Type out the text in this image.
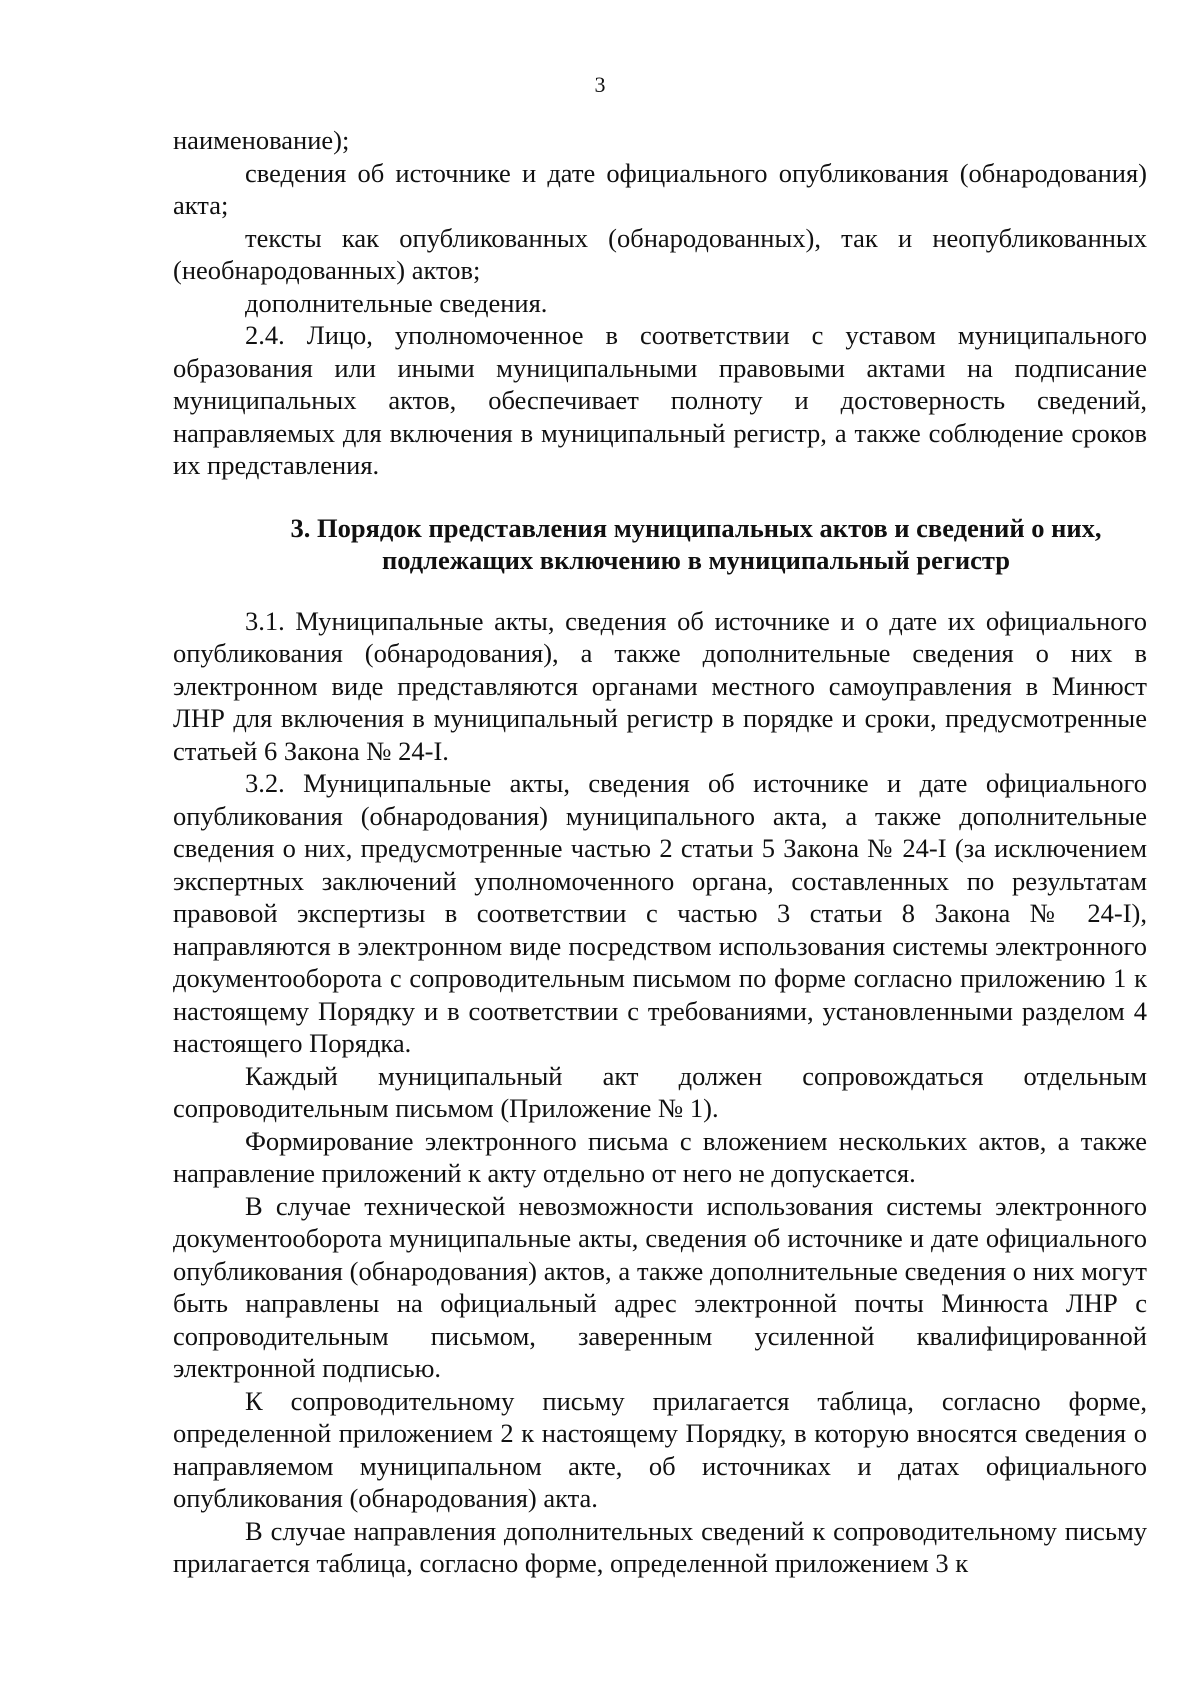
3

наименование);

сведения об источнике и дате официального опубликования (обнародования) акта;

тексты как опубликованных (обнародованных), так и неопубликованных (необнародованных) актов;

дополнительные сведения.

2.4. Лицо, уполномоченное в соответствии с уставом муниципального образования или иными муниципальными правовыми актами на подписание муниципальных актов, обеспечивает полноту и достоверность сведений, направляемых для включения в муниципальный регистр, а также соблюдение сроков их представления.

3. Порядок представления муниципальных актов и сведений о них,
подлежащих включению в муниципальный регистр

3.1. Муниципальные акты, сведения об источнике и о дате их официального опубликования (обнародования), а также дополнительные сведения о них в электронном виде представляются органами местного самоуправления в Минюст ЛНР для включения в муниципальный регистр в порядке и сроки, предусмотренные статьей 6 Закона № 24-I.

3.2. Муниципальные акты, сведения об источнике и дате официального опубликования (обнародования) муниципального акта, а также дополнительные сведения о них, предусмотренные частью 2 статьи 5 Закона № 24-I (за исключением экспертных заключений уполномоченного органа, составленных по результатам правовой экспертизы в соответствии с частью 3 статьи 8 Закона № 24-I), направляются в электронном виде посредством использования системы электронного документооборота с сопроводительным письмом по форме согласно приложению 1 к настоящему Порядку и в соответствии с требованиями, установленными разделом 4 настоящего Порядка.

Каждый муниципальный акт должен сопровождаться отдельным сопроводительным письмом (Приложение № 1).

Формирование электронного письма с вложением нескольких актов, а также направление приложений к акту отдельно от него не допускается.

В случае технической невозможности использования системы электронного документооборота муниципальные акты, сведения об источнике и дате официального опубликования (обнародования) актов, а также дополнительные сведения о них могут быть направлены на официальный адрес электронной почты Минюста ЛНР с сопроводительным письмом, заверенным усиленной квалифицированной электронной подписью.

К сопроводительному письму прилагается таблица, согласно форме, определенной приложением 2 к настоящему Порядку, в которую вносятся сведения о направляемом муниципальном акте, об источниках и датах официального опубликования (обнародования) акта.

В случае направления дополнительных сведений к сопроводительному письму прилагается таблица, согласно форме, определенной приложением 3 к
